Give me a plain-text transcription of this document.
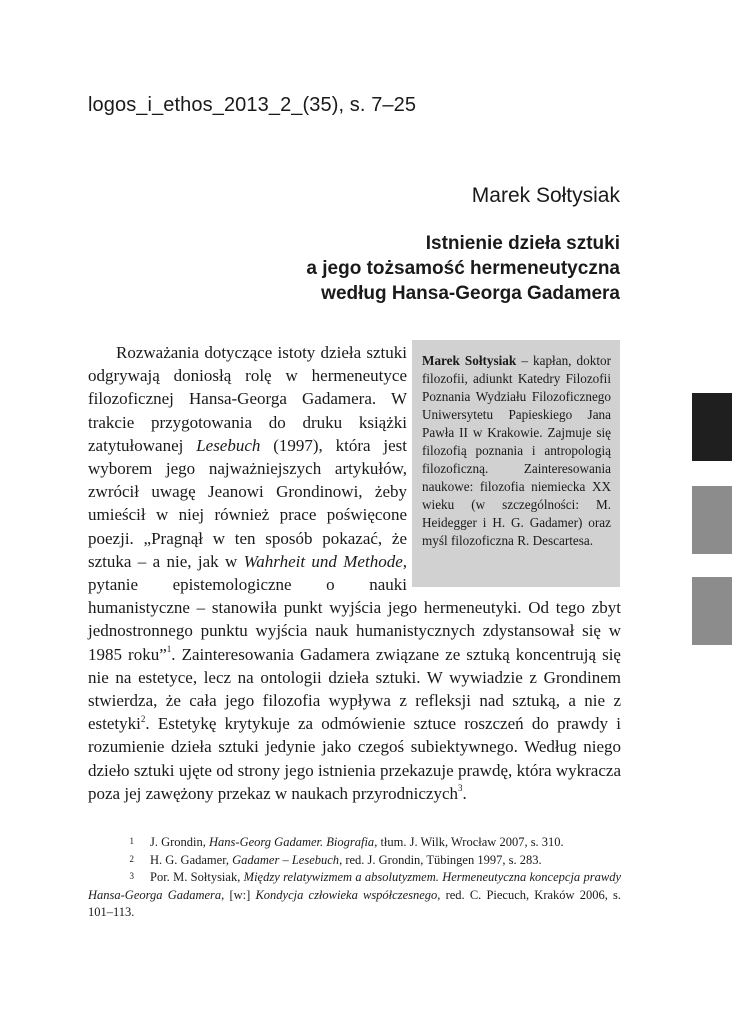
logos_i_ethos_2013_2_(35), s. 7–25
Marek Sołtysiak
Istnienie dzieła sztuki
a jego tożsamość hermeneutyczna
według Hansa-Georga Gadamera

Rozważania dotyczące istoty dzieła sztuki odgrywają doniosłą rolę w hermeneutyce filozoficznej Hansa-Georga Gadamera. W trakcie przygotowania do druku książki zatytułowanej Lesebuch (1997), która jest wyborem jego najważniejszych artykułów, zwrócił uwagę Jeanowi Grondinowi, żeby umieścił w niej również prace poświęcone poezji. „Pragnął w ten sposób pokazać, że sztuka – a nie, jak w Wahrheit und Methode, pytanie epistemologiczne o nauki humanistyczne – stanowiła punkt wyjścia jego hermeneutyki. Od tego zbyt jednostronnego punktu wyjścia nauk humanistycznych zdystansował się w 1985 roku”$^1$. Zainteresowania Gadamera związane ze sztuką koncentrują się nie na estetyce, lecz na ontologii dzieła sztuki. W wywiadzie z Grondinem stwierdza, że cała jego filozofia wypływa z refleksji nad sztuką, a nie z estetyki$^2$. Estetykę krytykuje za odmówienie sztuce roszczeń do prawdy i rozumienie dzieła sztuki jedynie jako czegoś subiektywnego. Według niego dzieło sztuki ujęte od strony jego istnienia przekazuje prawdę, która wykracza poza jej zawężony przekaz w naukach przyrodniczych$^3$.

Marek Sołtysiak – kapłan, doktor filozofii, adiunkt Katedry Filozofii Poznania Wydziału Filozoficznego Uniwersytetu Papieskiego Jana Pawła II w Krakowie. Zajmuje się filozofią poznania i antropologią filozoficzną. Zainteresowania naukowe: filozofia niemiecka XX wieku (w szczególności: M. Heidegger i H. G. Gadamer) oraz myśl filozoficzna R. Descartesa.
1 J. Grondin, Hans-Georg Gadamer. Biografia, tłum. J. Wilk, Wrocław 2007, s. 310.
2 H. G. Gadamer, Gadamer – Lesebuch, red. J. Grondin, Tübingen 1997, s. 283.
3 Por. M. Sołtysiak, Między relatywizmem a absolutyzmem. Hermeneutyczna koncepcja prawdy Hansa-Georga Gadamera, [w:] Kondycja człowieka współczesnego, red. C. Piecuch, Kraków 2006, s. 101–113.
